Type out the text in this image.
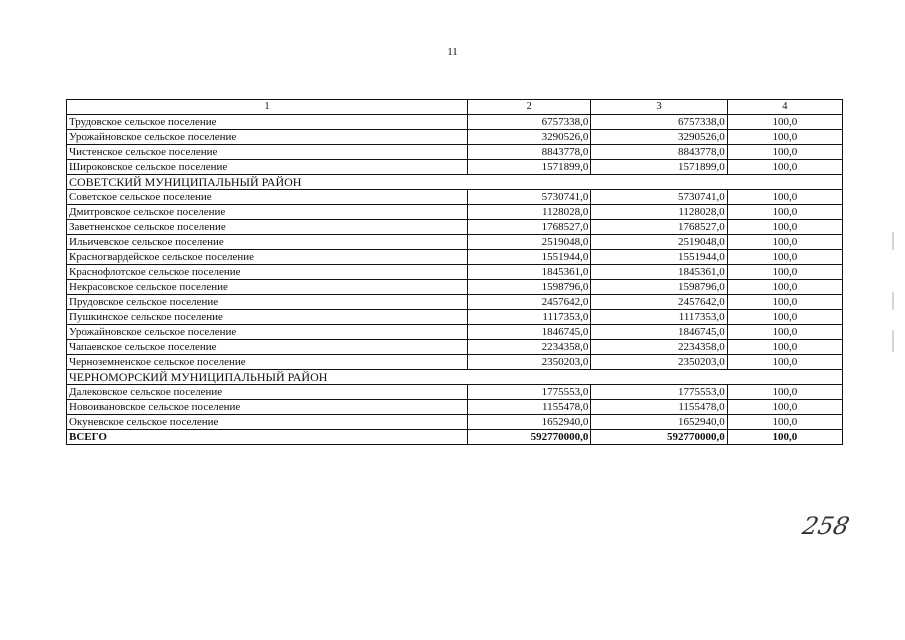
11
1	2	3	4
Трудовское сельское поселение	6757338,0	6757338,0	100,0
Урожайновское сельское поселение	3290526,0	3290526,0	100,0
Чистенское сельское поселение	8843778,0	8843778,0	100,0
Широковское сельское поселение	1571899,0	1571899,0	100,0
СОВЕТСКИЙ МУНИЦИПАЛЬНЫЙ РАЙОН			
Советское сельское поселение	5730741,0	5730741,0	100,0
Дмитровское сельское поселение	1128028,0	1128028,0	100,0
Заветненское сельское поселение	1768527,0	1768527,0	100,0
Ильичевское сельское поселение	2519048,0	2519048,0	100,0
Красногвардейское сельское поселение	1551944,0	1551944,0	100,0
Краснофлотское сельское поселение	1845361,0	1845361,0	100,0
Некрасовское сельское поселение	1598796,0	1598796,0	100,0
Прудовское сельское поселение	2457642,0	2457642,0	100,0
Пушкинское сельское поселение	1117353,0	1117353,0	100,0
Урожайновское сельское поселение	1846745,0	1846745,0	100,0
Чапаевское сельское поселение	2234358,0	2234358,0	100,0
Черноземненское сельское поселение	2350203,0	2350203,0	100,0
ЧЕРНОМОРСКИЙ МУНИЦИПАЛЬНЫЙ РАЙОН			
Далековское сельское поселение	1775553,0	1775553,0	100,0
Новоивановское сельское поселение	1155478,0	1155478,0	100,0
Окуневское сельское поселение	1652940,0	1652940,0	100,0
ВСЕГО	592770000,0	592770000,0	100,0
258
